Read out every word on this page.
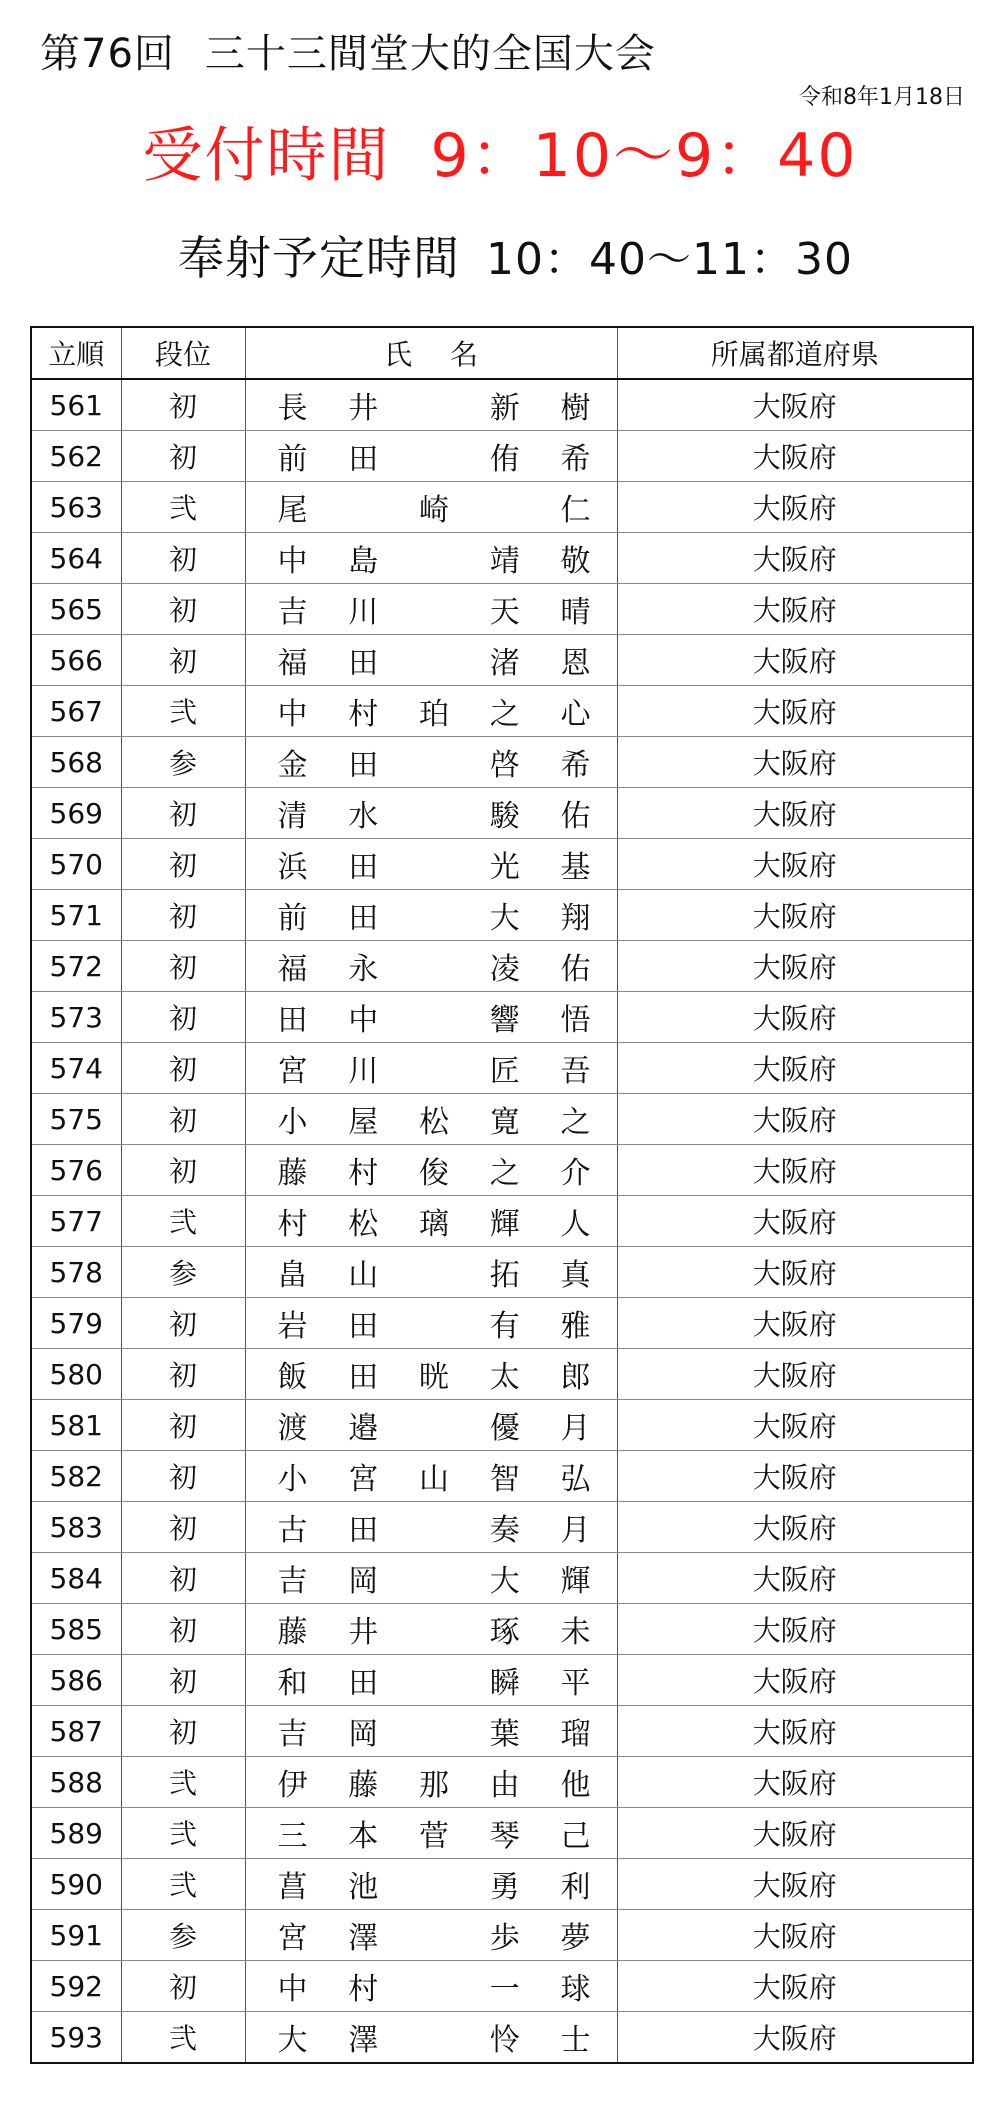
第76回 三十三間堂大的全国大会
令和8年1月18日
受付時間 9：10～9：40
奉射予定時間 10：40～11：30
立順	段位	氏 名	所属都道府県
561	初	長 井 新 樹	大阪府
562	初	前 田 侑 希	大阪府
563	弐	尾 崎 仁	大阪府
564	初	中 島 靖 敬	大阪府
565	初	吉 川 天 晴	大阪府
566	初	福 田 渚 恩	大阪府
567	弐	中 村 珀 之 心	大阪府
568	参	金 田 啓 希	大阪府
569	初	清 水 駿 佑	大阪府
570	初	浜 田 光 基	大阪府
571	初	前 田 大 翔	大阪府
572	初	福 永 凌 佑	大阪府
573	初	田 中 響 悟	大阪府
574	初	宮 川 匠 吾	大阪府
575	初	小 屋 松 寛 之	大阪府
576	初	藤 村 俊 之 介	大阪府
577	弐	村 松 璃 輝 人	大阪府
578	参	畠 山 拓 真	大阪府
579	初	岩 田 有 雅	大阪府
580	初	飯 田 晄 太 郎	大阪府
581	初	渡 邉 優 月	大阪府
582	初	小 宮 山 智 弘	大阪府
583	初	古 田 奏 月	大阪府
584	初	吉 岡 大 輝	大阪府
585	初	藤 井 琢 未	大阪府
586	初	和 田 瞬 平	大阪府
587	初	吉 岡 葉 瑠	大阪府
588	弐	伊 藤 那 由 他	大阪府
589	弐	三 本 菅 琴 己	大阪府
590	弐	菖 池 勇 利	大阪府
591	参	宮 澤 歩 夢	大阪府
592	初	中 村 一 球	大阪府
593	弐	大 澤 怜 士	大阪府
